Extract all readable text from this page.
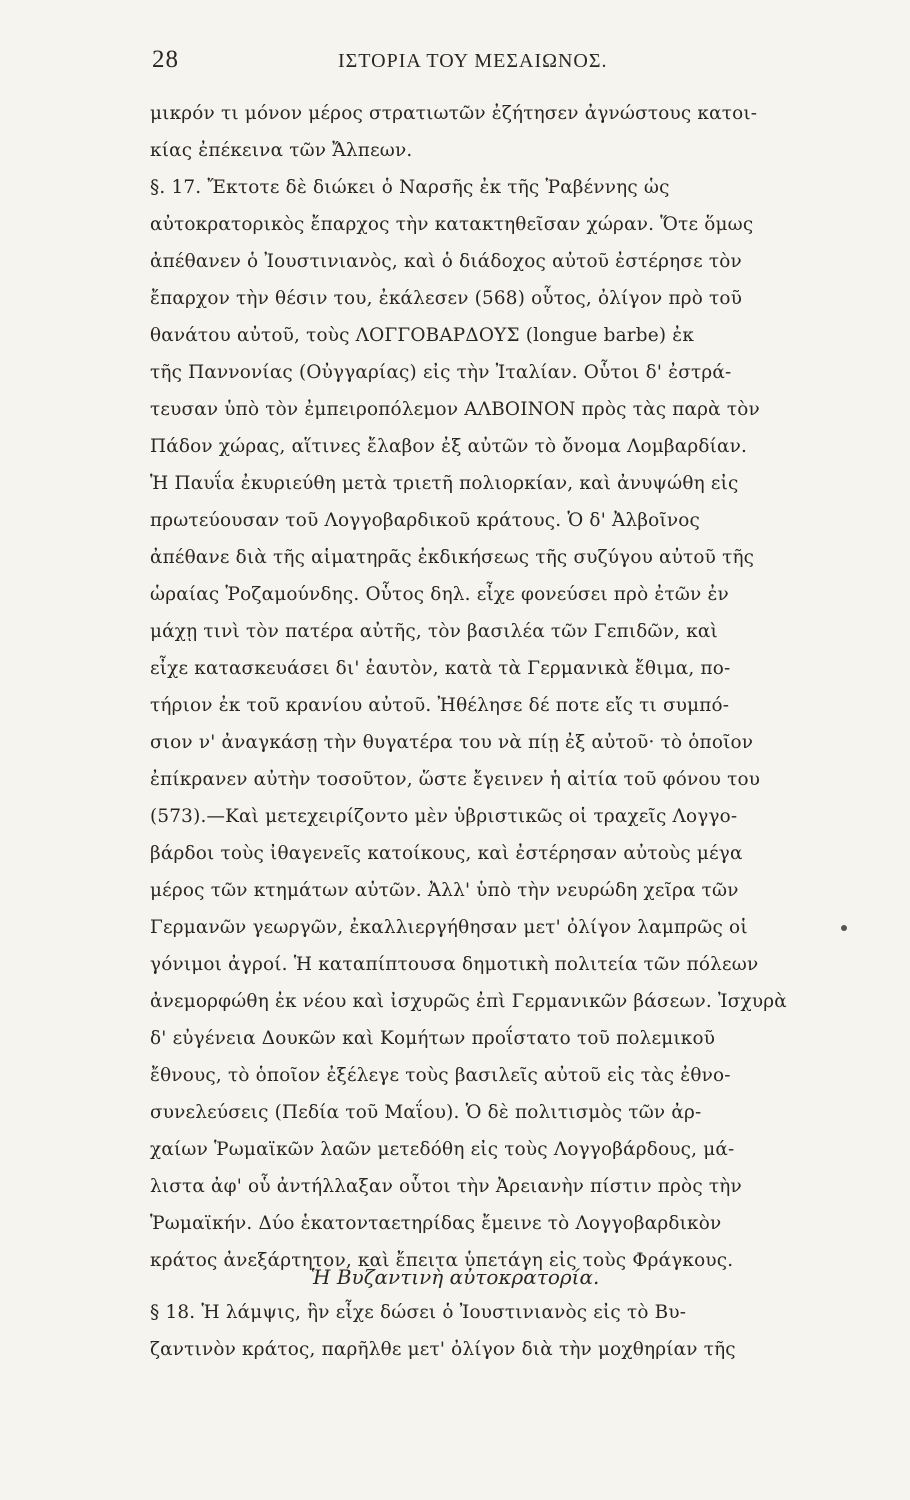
28	ΙΣΤΟΡΙΑ ΤΟΥ ΜΕΣΑΙΩΝΟΣ.
μικρόν τι μόνον μέρος στρατιωτῶν ἐζήτησεν ἀγνώστους κατοι-
κίας ἐπέκεινα τῶν Ἄλπεων.
§. 17. Ἔκτοτε δὲ διώκει ὁ Ναρσῆς ἐκ τῆς Ῥαβέννης ὡς
αὐτοκρατορικὸς ἔπαρχος τὴν κατακτηθεῖσαν χώραν. Ὅτε ὅμως
ἀπέθανεν ὁ Ἰουστινιανὸς, καὶ ὁ διάδοχος αὐτοῦ ἐστέρησε τὸν
ἔπαρχον τὴν θέσιν του, ἐκάλεσεν (568) οὗτος, ὀλίγον πρὸ τοῦ
θανάτου αὐτοῦ, τοὺς ΛΟΓΓΟΒΑΡΔΟΥΣ (longue barbe) ἐκ
τῆς Παννονίας (Οὐγγαρίας) εἰς τὴν Ἰταλίαν. Οὗτοι δ' ἐστρά-
τευσαν ὑπὸ τὸν ἐμπειροπόλεμον ΑΛΒΟΙΝΟΝ πρὸς τὰς παρὰ τὸν
Πάδον χώρας, αἵτινες ἔλαβον ἐξ αὐτῶν τὸ ὄνομα Λομβαρδίαν.
Ἡ Παυΐα ἐκυριεύθη μετὰ τριετῆ πολιορκίαν, καὶ ἀνυψώθη εἰς
πρωτεύουσαν τοῦ Λογγοβαρδικοῦ κράτους. Ὁ δ' Ἀλβοῖνος
ἀπέθανε διὰ τῆς αἱματηρᾶς ἐκδικήσεως τῆς συζύγου αὐτοῦ τῆς
ὡραίας Ῥοζαμούνδης. Οὗτος δηλ. εἶχε φονεύσει πρὸ ἐτῶν ἐν
μάχῃ τινὶ τὸν πατέρα αὐτῆς, τὸν βασιλέα τῶν Γεπιδῶν, καὶ
εἶχε κατασκευάσει δι' ἑαυτὸν, κατὰ τὰ Γερμανικὰ ἔθιμα, πο-
τήριον ἐκ τοῦ κρανίου αὐτοῦ. Ἠθέλησε δέ ποτε εἴς τι συμπό-
σιον ν' ἀναγκάσῃ τὴν θυγατέρα του νὰ πίῃ ἐξ αὐτοῦ· τὸ ὁποῖον
ἐπίκρανεν αὐτὴν τοσοῦτον, ὥστε ἔγεινεν ἡ αἰτία τοῦ φόνου του
(573).—Καὶ μετεχειρίζοντο μὲν ὑβριστικῶς οἱ τραχεῖς Λογγο-
βάρδοι τοὺς ἰθαγενεῖς κατοίκους, καὶ ἐστέρησαν αὐτοὺς μέγα
μέρος τῶν κτημάτων αὐτῶν. Ἀλλ' ὑπὸ τὴν νευρώδη χεῖρα τῶν
Γερμανῶν γεωργῶν, ἐκαλλιεργήθησαν μετ' ὀλίγον λαμπρῶς οἱ
γόνιμοι ἀγροί. Ἡ καταπίπτουσα δημοτικὴ πολιτεία τῶν πόλεων
ἀνεμορφώθη ἐκ νέου καὶ ἰσχυρῶς ἐπὶ Γερμανικῶν βάσεων. Ἰσχυρὰ
δ' εὐγένεια Δουκῶν καὶ Κομήτων προΐστατο τοῦ πολεμικοῦ
ἔθνους, τὸ ὁποῖον ἐξέλεγε τοὺς βασιλεῖς αὐτοῦ εἰς τὰς ἐθνο-
συνελεύσεις (Πεδία τοῦ Μαΐου). Ὁ δὲ πολιτισμὸς τῶν ἀρ-
χαίων Ῥωμαϊκῶν λαῶν μετεδόθη εἰς τοὺς Λογγοβάρδους, μά-
λιστα ἀφ' οὗ ἀντήλλαξαν οὗτοι τὴν Ἀρειανὴν πίστιν πρὸς τὴν
Ῥωμαϊκήν. Δύο ἑκατονταετηρίδας ἔμεινε τὸ Λογγοβαρδικὸν
κράτος ἀνεξάρτητον, καὶ ἔπειτα ὑπετάγη εἰς τοὺς Φράγκους.
Ἡ Βυζαντινὴ αὐτοκρατορία.
§ 18. Ἡ λάμψις, ἣν εἶχε δώσει ὁ Ἰουστινιανὸς εἰς τὸ Βυ-
ζαντινὸν κράτος, παρῆλθε μετ' ὀλίγον διὰ τὴν μοχθηρίαν τῆς
